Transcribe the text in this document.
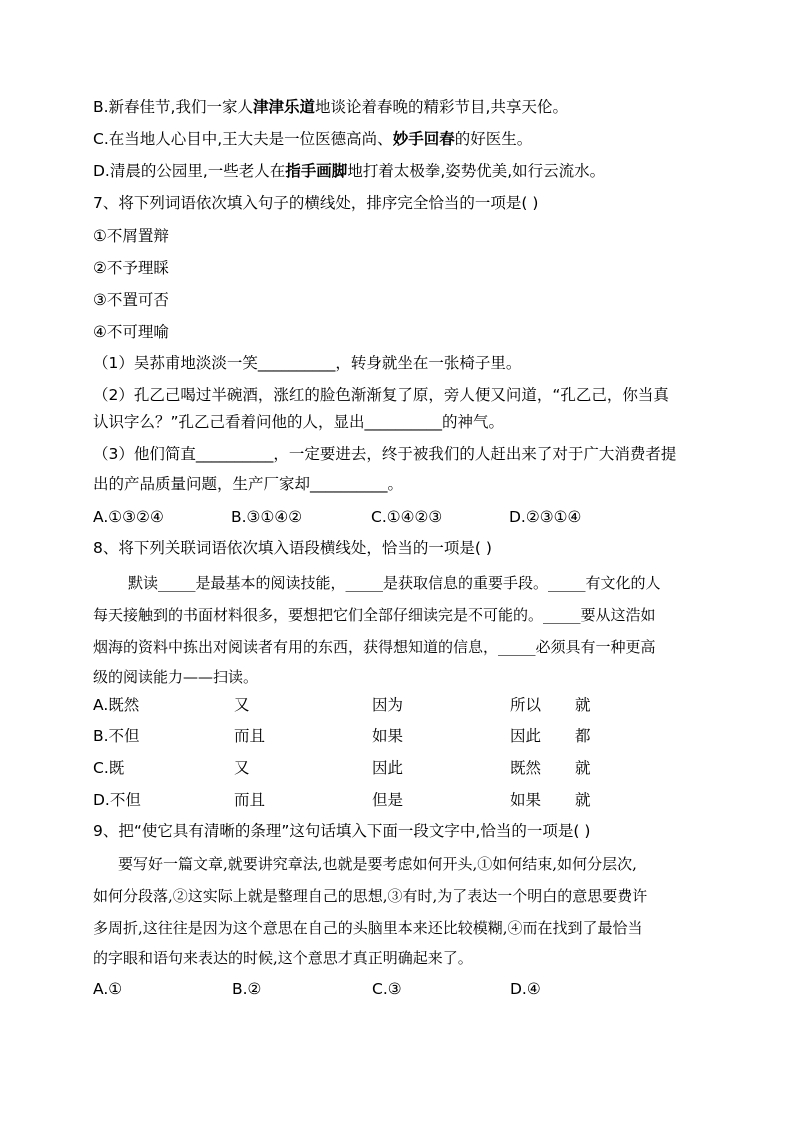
B.新春佳节,我们一家人津津乐道地谈论着春晚的精彩节目,共享天伦。
C.在当地人心目中,王大夫是一位医德高尚、妙手回春的好医生。
D.清晨的公园里,一些老人在指手画脚地打着太极拳,姿势优美,如行云流水。
7、将下列词语依次填入句子的横线处，排序完全恰当的一项是( )
①不屑置辩
②不予理睬
③不置可否
④不可理喻
（1）吴荪甫地淡淡一笑__________，转身就坐在一张椅子里。
（2）孔乙己喝过半碗酒，涨红的脸色渐渐复了原，旁人便又问道，“孔乙己，你当真
认识字么？”孔乙己看着问他的人，显出__________的神气。
（3）他们简直__________，一定要进去，终于被我们的人赶出来了对于广大消费者提
出的产品质量问题，生产厂家却__________。
A.①③②④	B.③①④②	C.①④②③	D.②③①④
8、将下列关联词语依次填入语段横线处，恰当的一项是( )
默读_____是最基本的阅读技能，_____是获取信息的重要手段。_____有文化的人
每天接触到的书面材料很多，要想把它们全部仔细读完是不可能的。_____要从这浩如
烟海的资料中拣出对阅读者有用的东西，获得想知道的信息，_____必须具有一种更高
级的阅读能力——扫读。
A.既然	又	因为	所以 就
B.不但	而且	如果	因此 都
C.既	又	因此	既然 就
D.不但	而且	但是	如果 就
9、把“使它具有清晰的条理”这句话填入下面一段文字中,恰当的一项是( )
要写好一篇文章,就要讲究章法,也就是要考虑如何开头,①如何结束,如何分层次,
如何分段落,②这实际上就是整理自己的思想,③有时,为了表达一个明白的意思要费许
多周折,这往往是因为这个意思在自己的头脑里本来还比较模糊,④而在找到了最恰当
的字眼和语句来表达的时候,这个意思才真正明确起来了。
A.①	B.②	C.③	D.④
